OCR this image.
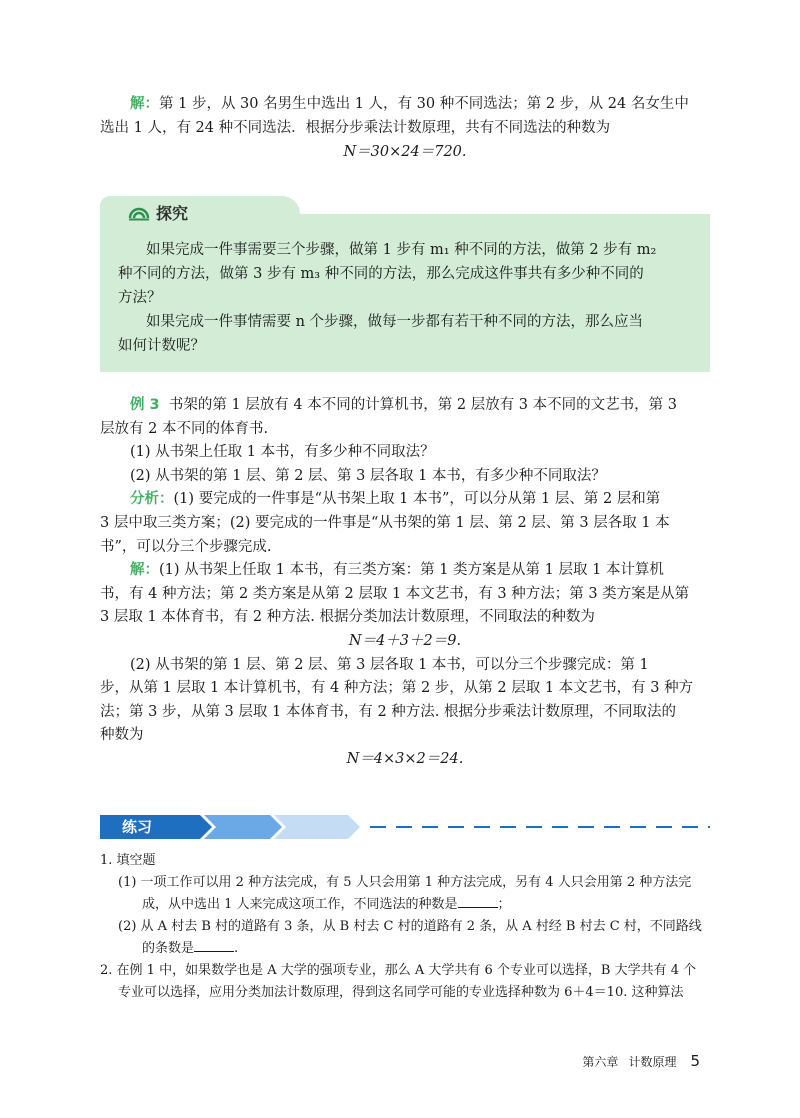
解：第 1 步，从 30 名男生中选出 1 人，有 30 种不同选法；第 2 步，从 24 名女生中
选出 1 人，有 24 种不同选法．根据分步乘法计数原理，共有不同选法的种数为
N＝30×24＝720.
探究
如果完成一件事需要三个步骤，做第 1 步有 m₁ 种不同的方法，做第 2 步有 m₂
种不同的方法，做第 3 步有 m₃ 种不同的方法，那么完成这件事共有多少种不同的
方法？
如果完成一件事情需要 n 个步骤，做每一步都有若干种不同的方法，那么应当
如何计数呢？
例 3 书架的第 1 层放有 4 本不同的计算机书，第 2 层放有 3 本不同的文艺书，第 3
层放有 2 本不同的体育书.
(1) 从书架上任取 1 本书，有多少种不同取法？
(2) 从书架的第 1 层、第 2 层、第 3 层各取 1 本书，有多少种不同取法？
分析：(1) 要完成的一件事是“从书架上取 1 本书”，可以分从第 1 层、第 2 层和第
3 层中取三类方案；(2) 要完成的一件事是“从书架的第 1 层、第 2 层、第 3 层各取 1 本
书”，可以分三个步骤完成.
解：(1) 从书架上任取 1 本书，有三类方案：第 1 类方案是从第 1 层取 1 本计算机
书，有 4 种方法；第 2 类方案是从第 2 层取 1 本文艺书，有 3 种方法；第 3 类方案是从第
3 层取 1 本体育书，有 2 种方法. 根据分类加法计数原理，不同取法的种数为
N＝4＋3＋2＝9.
(2) 从书架的第 1 层、第 2 层、第 3 层各取 1 本书，可以分三个步骤完成：第 1
步，从第 1 层取 1 本计算机书，有 4 种方法；第 2 步，从第 2 层取 1 本文艺书，有 3 种方
法；第 3 步，从第 3 层取 1 本体育书，有 2 种方法. 根据分步乘法计数原理，不同取法的
种数为
N＝4×3×2＝24.
练习
1. 填空题
(1) 一项工作可以用 2 种方法完成，有 5 人只会用第 1 种方法完成，另有 4 人只会用第 2 种方法完
成，从中选出 1 人来完成这项工作，不同选法的种数是	；
(2) 从 A 村去 B 村的道路有 3 条，从 B 村去 C 村的道路有 2 条，从 A 村经 B 村去 C 村，不同路线
的条数是	.
2. 在例 1 中，如果数学也是 A 大学的强项专业，那么 A 大学共有 6 个专业可以选择，B 大学共有 4 个
专业可以选择，应用分类加法计数原理，得到这名同学可能的专业选择种数为 6＋4＝10. 这种算法
第六章 计数原理 5
